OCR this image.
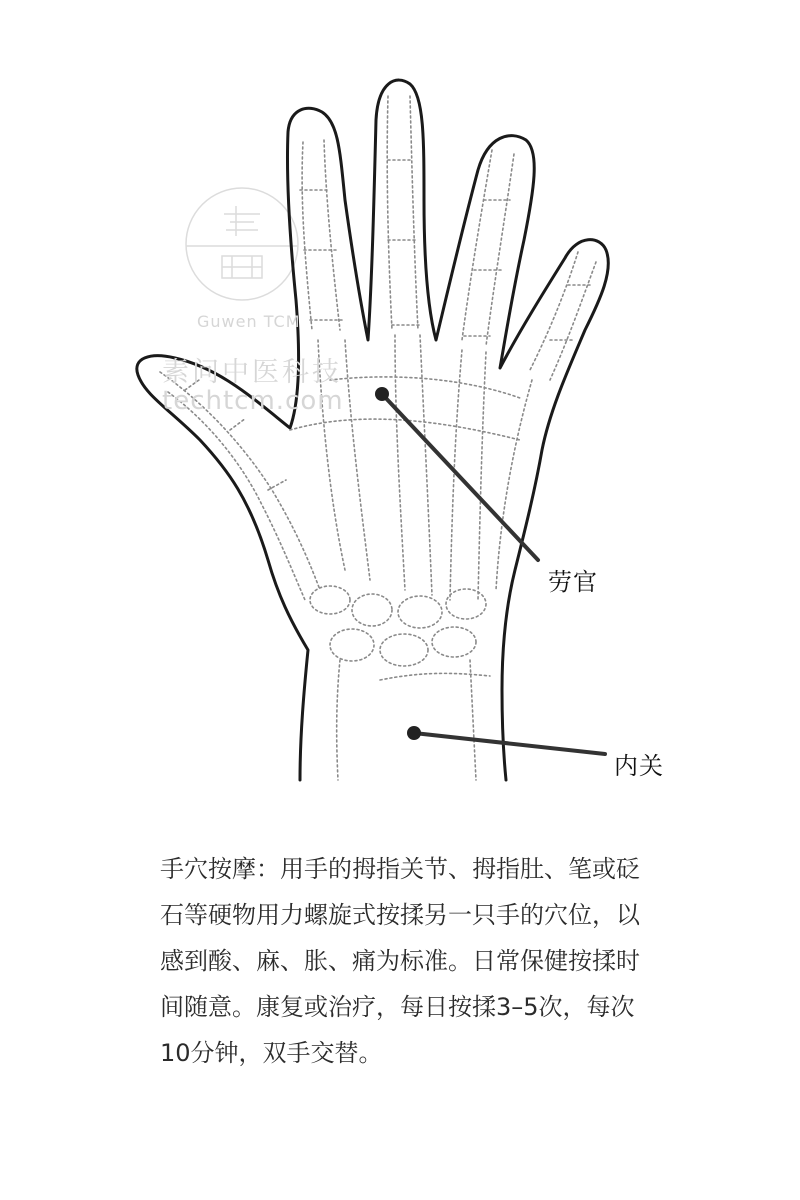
Guwen TCM
素问中医科技
techtcm.com
劳官
内关

手穴按摩：用手的拇指关节、拇指肚、笔或砭石等硬物用力螺旋式按揉另一只手的穴位，以感到酸、麻、胀、痛为标准。日常保健按揉时间随意。康复或治疗，每日按揉3–5次，每次10分钟，双手交替。
